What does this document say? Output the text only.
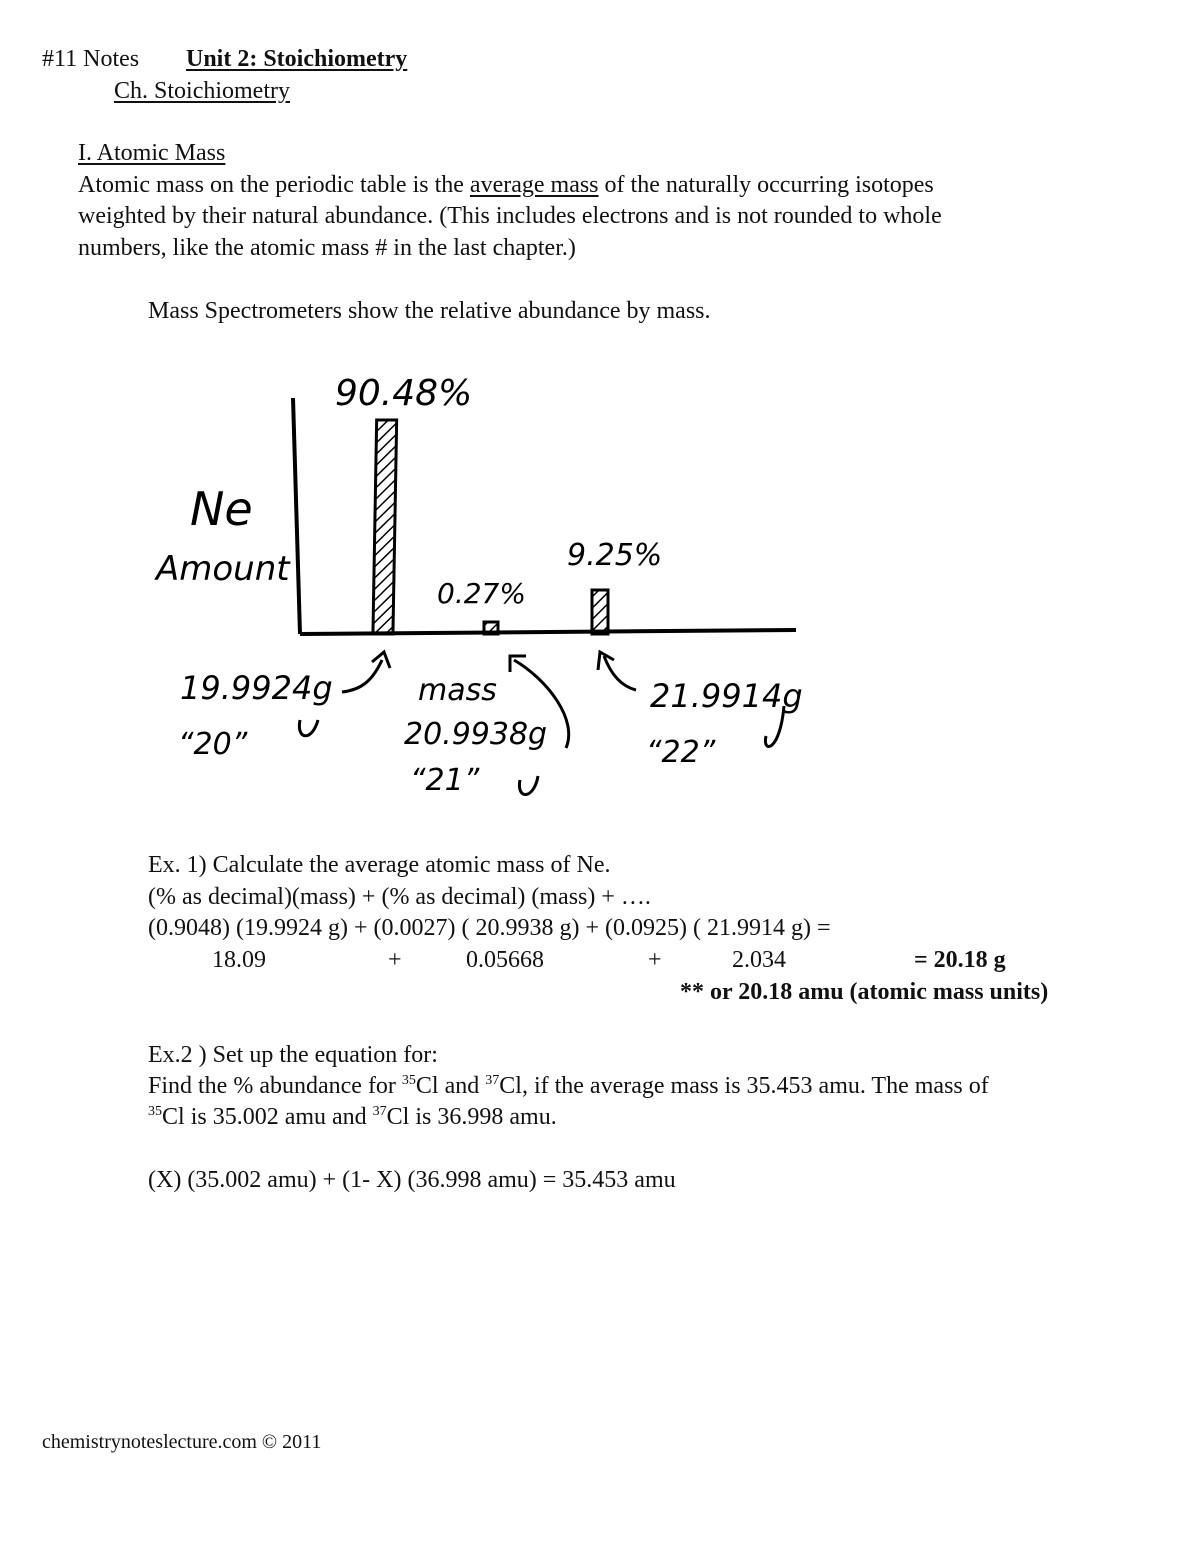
#11 Notes Unit 2: Stoichiometry
Ch. Stoichiometry
I. Atomic Mass
Atomic mass on the periodic table is the average mass of the naturally occurring isotopes
weighted by their natural abundance. (This includes electrons and is not rounded to whole
numbers, like the atomic mass # in the last chapter.)
Mass Spectrometers show the relative abundance by mass.
Ne
Amount
90.48%
0.27%
9.25%
mass
19.9924g
“20”	20.9938g
“21”
21.9914g
“22”
Ex. 1) Calculate the average atomic mass of Ne.
(% as decimal)(mass) + (% as decimal) (mass) + ….
(0.9048) (19.9924 g) + (0.0027) ( 20.9938 g) + (0.0925) ( 21.9914 g) =
18.09	+	0.05668	+	2.034	= 20.18 g
** or 20.18 amu (atomic mass units)
Ex.2 ) Set up the equation for:
Find the % abundance for $^{35}$Cl and $^{37}$Cl, if the average mass is 35.453 amu. The mass of
$^{35}$Cl is 35.002 amu and $^{37}$Cl is 36.998 amu.
(X) (35.002 amu) + (1- X) (36.998 amu) = 35.453 amu
chemistrynoteslecture.com © 2011
